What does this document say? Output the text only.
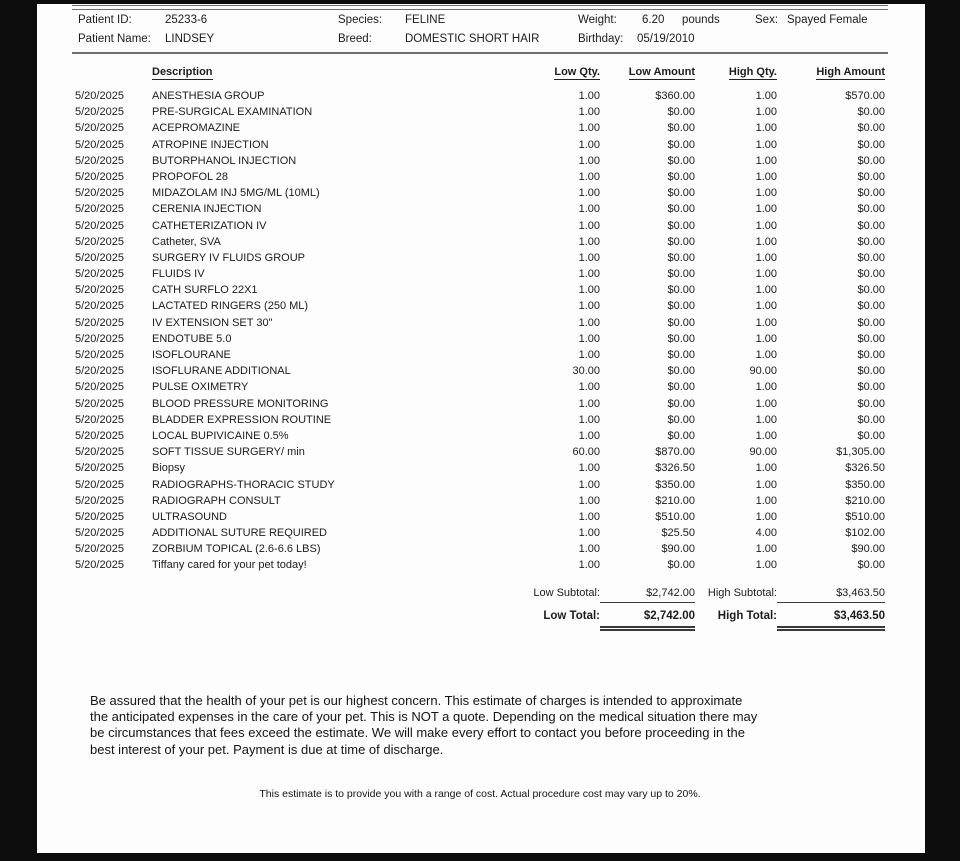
Patient ID:	25233-6	Species: FELINE	Weight: 6.20 pounds	Sex: Spayed Female
Patient Name: LINDSEY	Breed:	DOMESTIC SHORT HAIR	Birthday: 05/19/2010
Description	Low Qty.	Low Amount	High Qty.	High Amount
5/20/2025	ANESTHESIA GROUP	1.00	$360.00	1.00	$570.00
5/20/2025	PRE-SURGICAL EXAMINATION	1.00	$0.00	1.00	$0.00
5/20/2025	ACEPROMAZINE	1.00	$0.00	1.00	$0.00
5/20/2025	ATROPINE INJECTION	1.00	$0.00	1.00	$0.00
5/20/2025	BUTORPHANOL INJECTION	1.00	$0.00	1.00	$0.00
5/20/2025	PROPOFOL 28	1.00	$0.00	1.00	$0.00
5/20/2025	MIDAZOLAM INJ 5MG/ML (10ML)	1.00	$0.00	1.00	$0.00
5/20/2025	CERENIA INJECTION	1.00	$0.00	1.00	$0.00
5/20/2025	CATHETERIZATION IV	1.00	$0.00	1.00	$0.00
5/20/2025	Catheter, SVA	1.00	$0.00	1.00	$0.00
5/20/2025	SURGERY IV FLUIDS GROUP	1.00	$0.00	1.00	$0.00
5/20/2025	FLUIDS IV	1.00	$0.00	1.00	$0.00
5/20/2025	CATH SURFLO 22X1	1.00	$0.00	1.00	$0.00
5/20/2025	LACTATED RINGERS (250 ML)	1.00	$0.00	1.00	$0.00
5/20/2025	IV EXTENSION SET 30"	1.00	$0.00	1.00	$0.00
5/20/2025	ENDOTUBE 5.0	1.00	$0.00	1.00	$0.00
5/20/2025	ISOFLOURANE	1.00	$0.00	1.00	$0.00
5/20/2025	ISOFLURANE ADDITIONAL	30.00	$0.00	90.00	$0.00
5/20/2025	PULSE OXIMETRY	1.00	$0.00	1.00	$0.00
5/20/2025	BLOOD PRESSURE MONITORING	1.00	$0.00	1.00	$0.00
5/20/2025	BLADDER EXPRESSION ROUTINE	1.00	$0.00	1.00	$0.00
5/20/2025	LOCAL BUPIVICAINE 0.5%	1.00	$0.00	1.00	$0.00
5/20/2025	SOFT TISSUE SURGERY/ min	60.00	$870.00	90.00	$1,305.00
5/20/2025	Biopsy	1.00	$326.50	1.00	$326.50
5/20/2025	RADIOGRAPHS-THORACIC STUDY	1.00	$350.00	1.00	$350.00
5/20/2025	RADIOGRAPH CONSULT	1.00	$210.00	1.00	$210.00
5/20/2025	ULTRASOUND	1.00	$510.00	1.00	$510.00
5/20/2025	ADDITIONAL SUTURE REQUIRED	1.00	$25.50	4.00	$102.00
5/20/2025	ZORBIUM TOPICAL (2.6-6.6 LBS)	1.00	$90.00	1.00	$90.00
5/20/2025	Tiffany cared for your pet today!	1.00	$0.00	1.00	$0.00
Low Subtotal:	$2,742.00	High Subtotal:	$3,463.50
Low Total:	$2,742.00	High Total:	$3,463.50
Be assured that the health of your pet is our highest concern. This estimate of charges is intended to approximate
the anticipated expenses in the care of your pet. This is NOT a quote. Depending on the medical situation there may
be circumstances that fees exceed the estimate. We will make every effort to contact you before proceeding in the
best interest of your pet. Payment is due at time of discharge.
This estimate is to provide you with a range of cost. Actual procedure cost may vary up to 20%.
